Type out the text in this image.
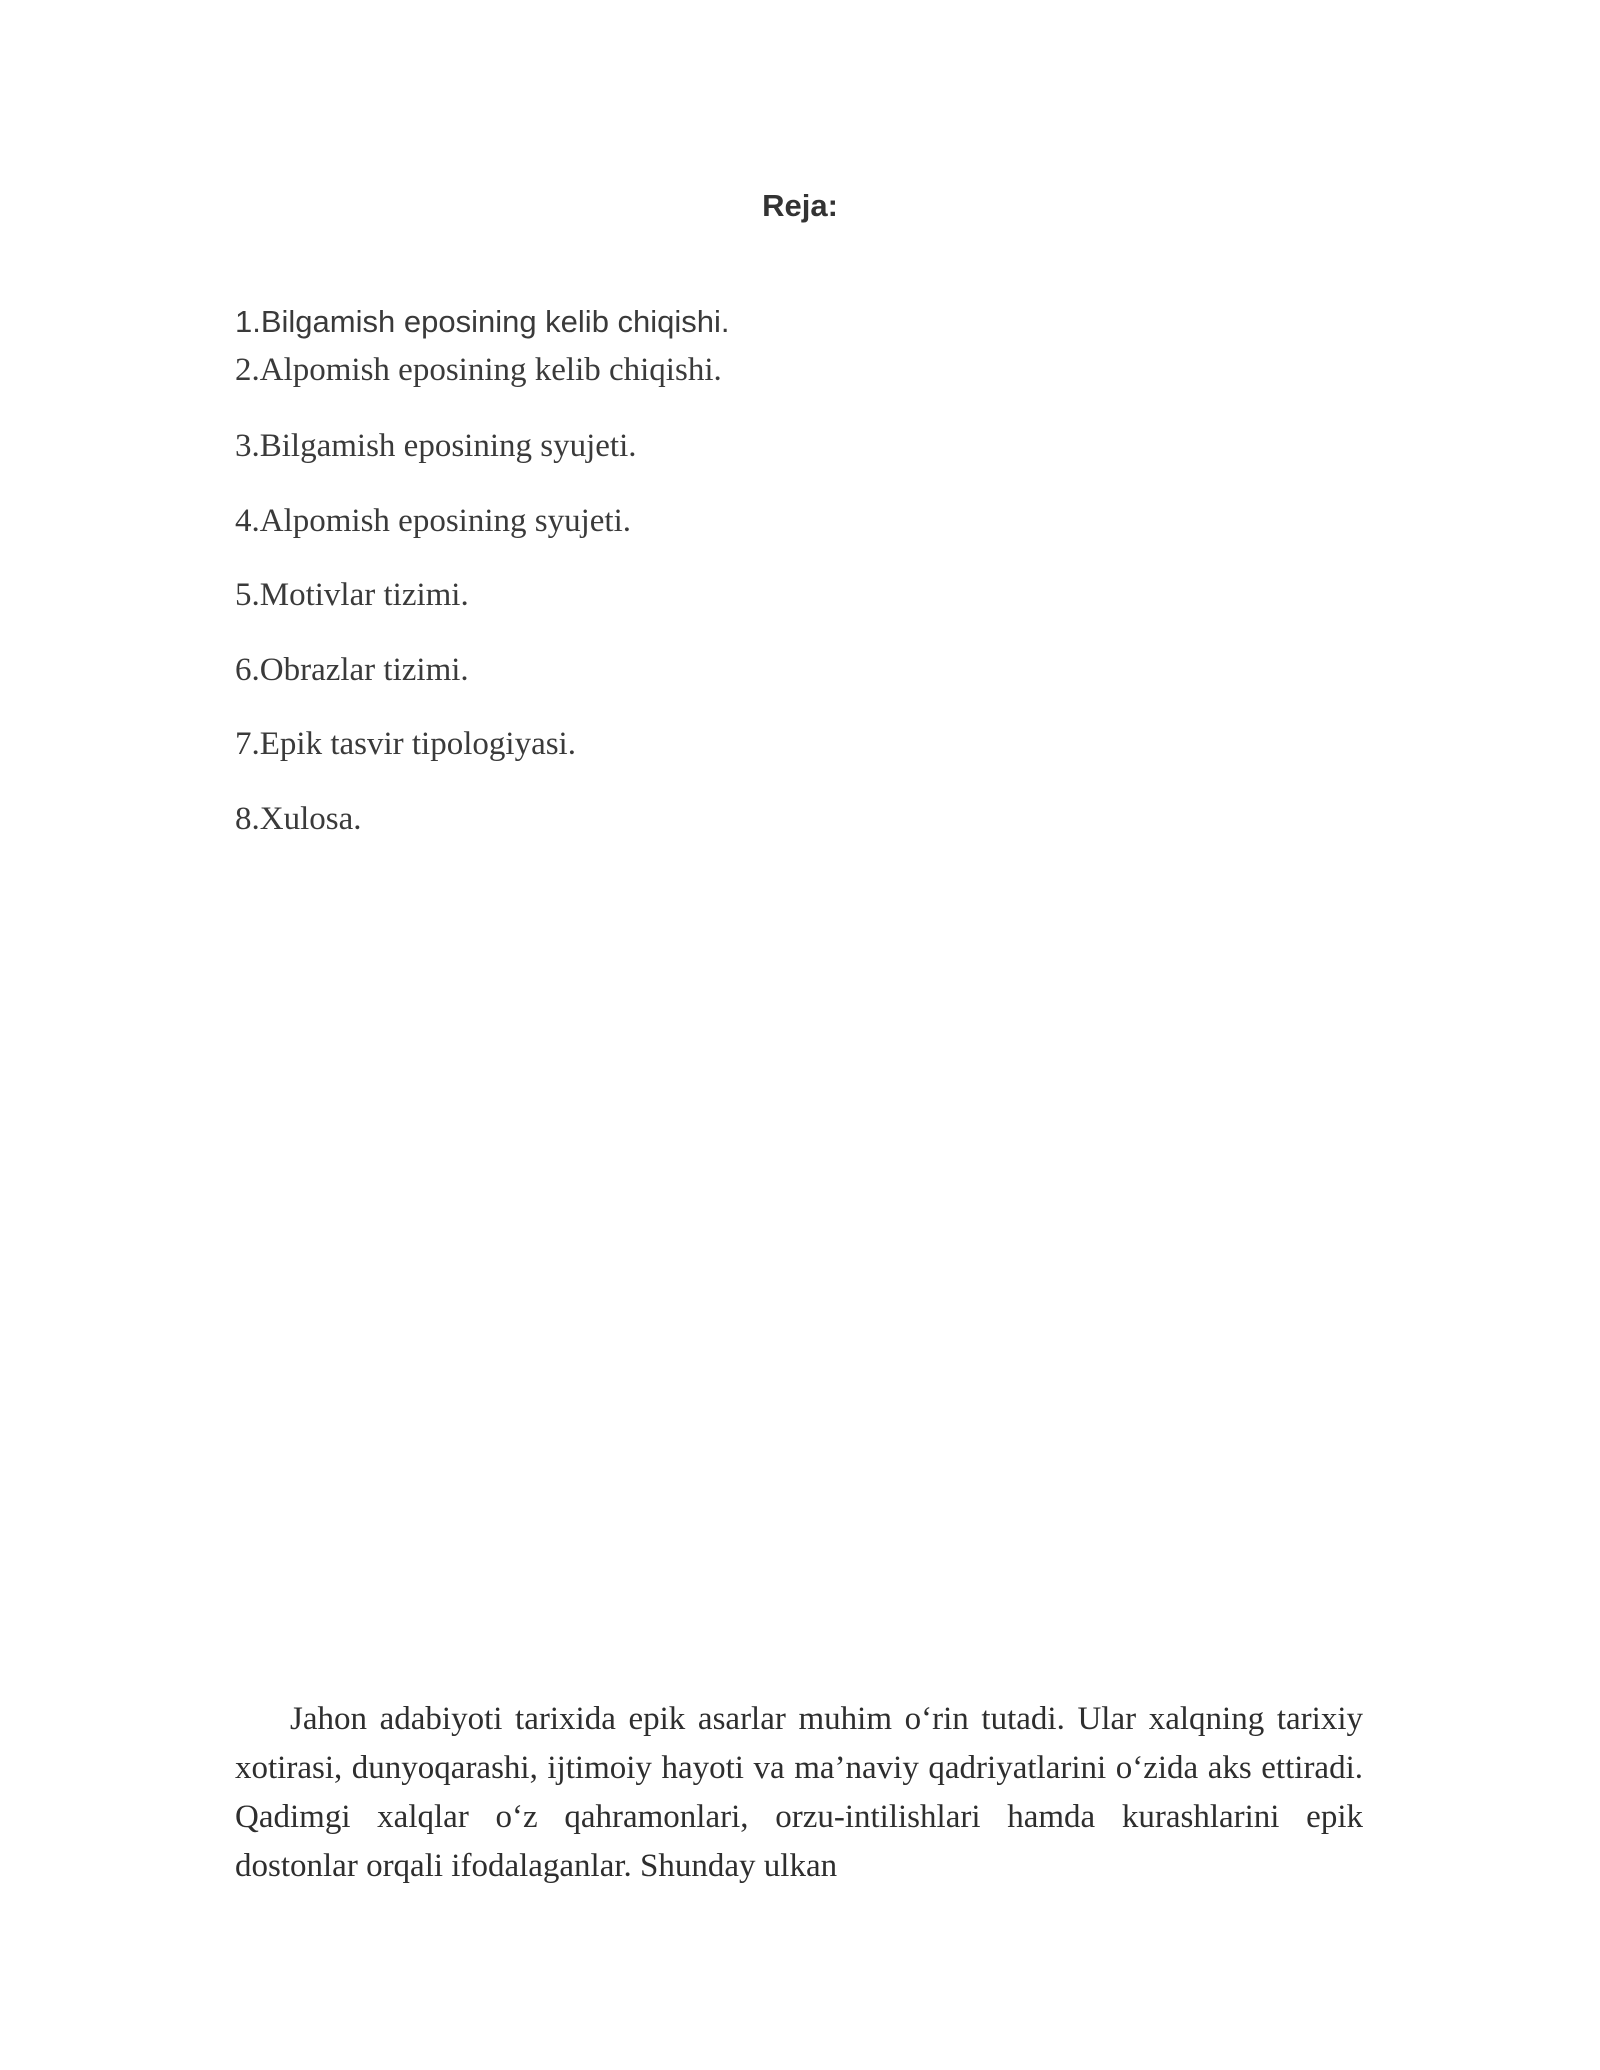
Reja:
1.Bilgamish eposining kelib chiqishi.
2.Alpomish eposining kelib chiqishi.
3.Bilgamish eposining syujeti.
4.Alpomish eposining syujeti.
5.Motivlar tizimi.
6.Obrazlar tizimi.
7.Epik tasvir tipologiyasi.
8.Xulosa.

Jahon adabiyoti tarixida epik asarlar muhim o‘rin tutadi. Ular xalqning tarixiy xotirasi, dunyoqarashi, ijtimoiy hayoti va ma’naviy qadriyatlarini o‘zida aks ettiradi. Qadimgi xalqlar o‘z qahramonlari, orzu-intilishlari hamda kurashlarini epik dostonlar orqali ifodalaganlar. Shunday ulkan
